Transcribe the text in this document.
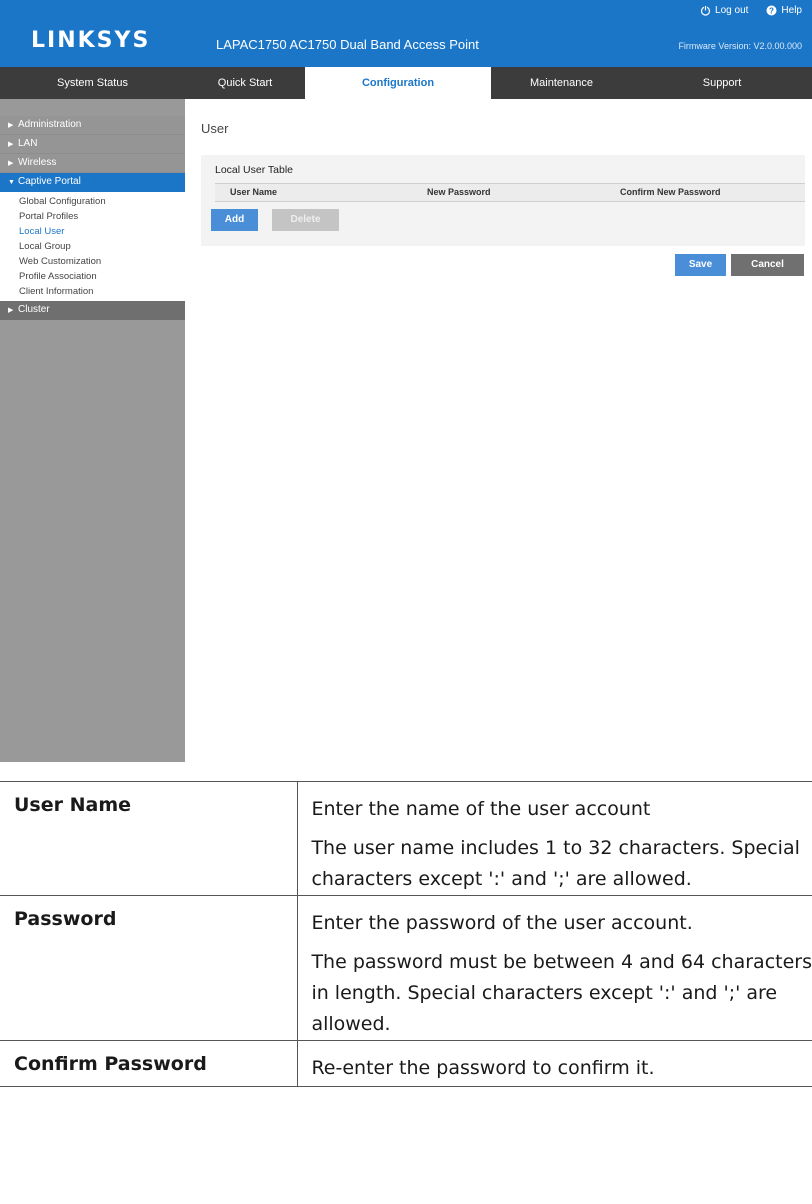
LINKSYS	LAPAC1750 AC1750 Dual Band Access Point
Log out	? Help
Firmware Version: V2.0.00.000
System Status	Quick Start	Configuration	Maintenance	Support
▶ Administration
▶ LAN
▶ Wireless
▼ Captive Portal
Global Configuration
Portal Profiles
Local User
Local Group
Web Customization
Profile Association
Client Information
▶ Cluster
User
Local User Table
User Name	New Password	Confirm New Password
Add	Delete
Save	Cancel
User Name	Enter the name of the user account

The user name includes 1 to 32 characters. Special

characters except ':' and ';' are allowed.

Password	Enter the password of the user account.

The password must be between 4 and 64 characters

in length. Special characters except ':' and ';' are
allowed.

Confirm Password	Re-enter the password to confirm it.
